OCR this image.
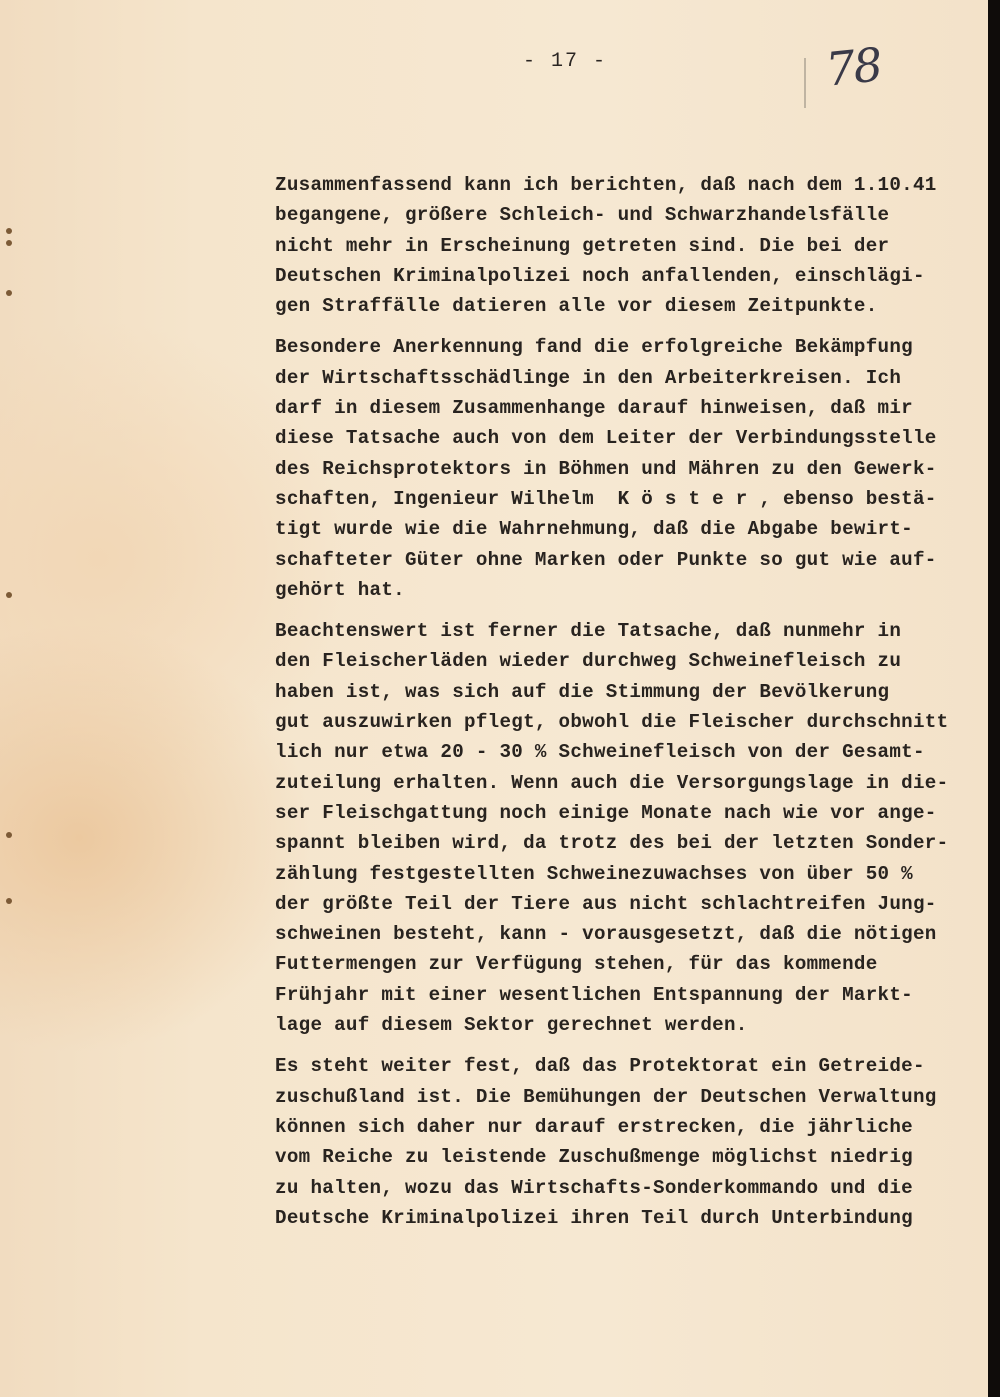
- 17 -	78
Zusammenfassend kann ich berichten, daß nach dem 1.10.41
begangene, größere Schleich- und Schwarzhandelsfälle
nicht mehr in Erscheinung getreten sind. Die bei der
Deutschen Kriminalpolizei noch anfallenden, einschlägi-
gen Straffälle datieren alle vor diesem Zeitpunkte.
Besondere Anerkennung fand die erfolgreiche Bekämpfung
der Wirtschaftsschädlinge in den Arbeiterkreisen. Ich
darf in diesem Zusammenhange darauf hinweisen, daß mir
diese Tatsache auch von dem Leiter der Verbindungsstelle
des Reichsprotektors in Böhmen und Mähren zu den Gewerk-
schaften, Ingenieur Wilhelm  K ö s t e r , ebenso bestä-
tigt wurde wie die Wahrnehmung, daß die Abgabe bewirt-
schafteter Güter ohne Marken oder Punkte so gut wie auf-
gehört hat.
Beachtenswert ist ferner die Tatsache, daß nunmehr in
den Fleischerläden wieder durchweg Schweinefleisch zu
haben ist, was sich auf die Stimmung der Bevölkerung
gut auszuwirken pflegt, obwohl die Fleischer durchschnitt
lich nur etwa 20 - 30 % Schweinefleisch von der Gesamt-
zuteilung erhalten. Wenn auch die Versorgungslage in die-
ser Fleischgattung noch einige Monate nach wie vor ange-
spannt bleiben wird, da trotz des bei der letzten Sonder-
zählung festgestellten Schweinezuwachses von über 50 %
der größte Teil der Tiere aus nicht schlachtreifen Jung-
schweinen besteht, kann - vorausgesetzt, daß die nötigen
Futtermengen zur Verfügung stehen, für das kommende
Frühjahr mit einer wesentlichen Entspannung der Markt-
lage auf diesem Sektor gerechnet werden.
Es steht weiter fest, daß das Protektorat ein Getreide-
zuschußland ist. Die Bemühungen der Deutschen Verwaltung
können sich daher nur darauf erstrecken, die jährliche
vom Reiche zu leistende Zuschußmenge möglichst niedrig
zu halten, wozu das Wirtschafts-Sonderkommando und die
Deutsche Kriminalpolizei ihren Teil durch Unterbindung
